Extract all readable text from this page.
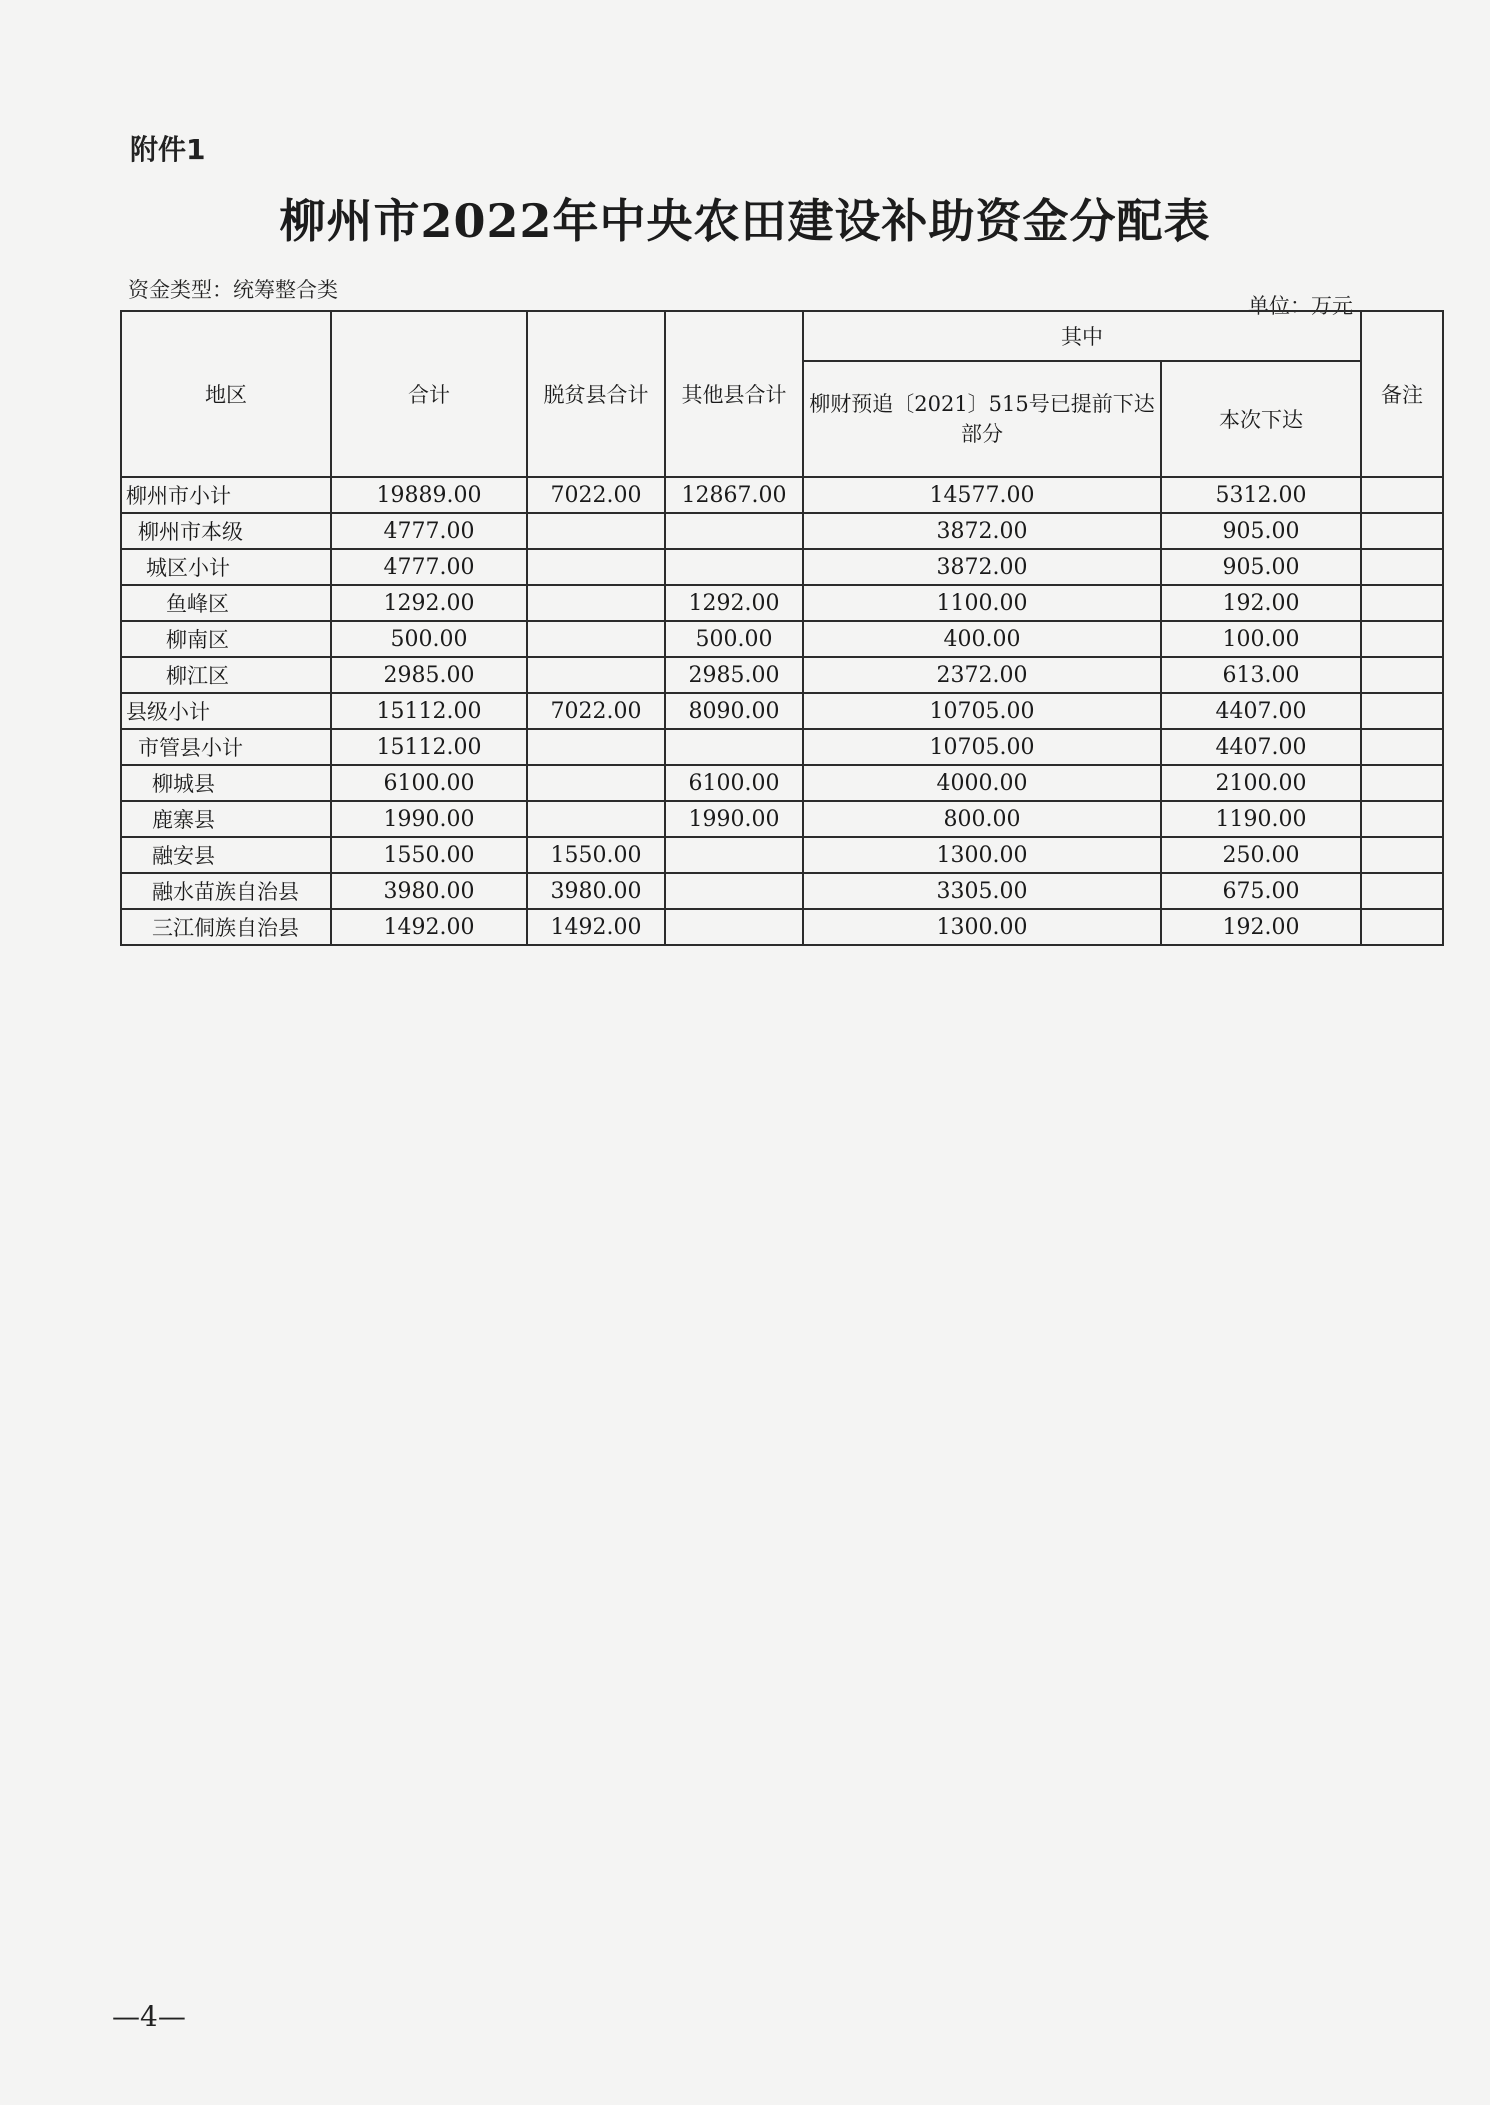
附件1
柳州市2022年中央农田建设补助资金分配表
资金类型：统筹整合类
单位：万元
地区	合计	脱贫县合计	其他县合计	其中		备注
				柳财预追〔2021〕515号已提前下达部分	本次下达	
柳州市小计	19889.00	7022.00	12867.00	14577.00	5312.00	
柳州市本级	4777.00			3872.00	905.00	
城区小计	4777.00			3872.00	905.00	
鱼峰区	1292.00		1292.00	1100.00	192.00	
柳南区	500.00		500.00	400.00	100.00	
柳江区	2985.00		2985.00	2372.00	613.00	
县级小计	15112.00	7022.00	8090.00	10705.00	4407.00	
市管县小计	15112.00			10705.00	4407.00	
柳城县	6100.00		6100.00	4000.00	2100.00	
鹿寨县	1990.00		1990.00	800.00	1190.00	
融安县	1550.00	1550.00		1300.00	250.00	
融水苗族自治县	3980.00	3980.00		3305.00	675.00	
三江侗族自治县	1492.00	1492.00		1300.00	192.00	
—4—
